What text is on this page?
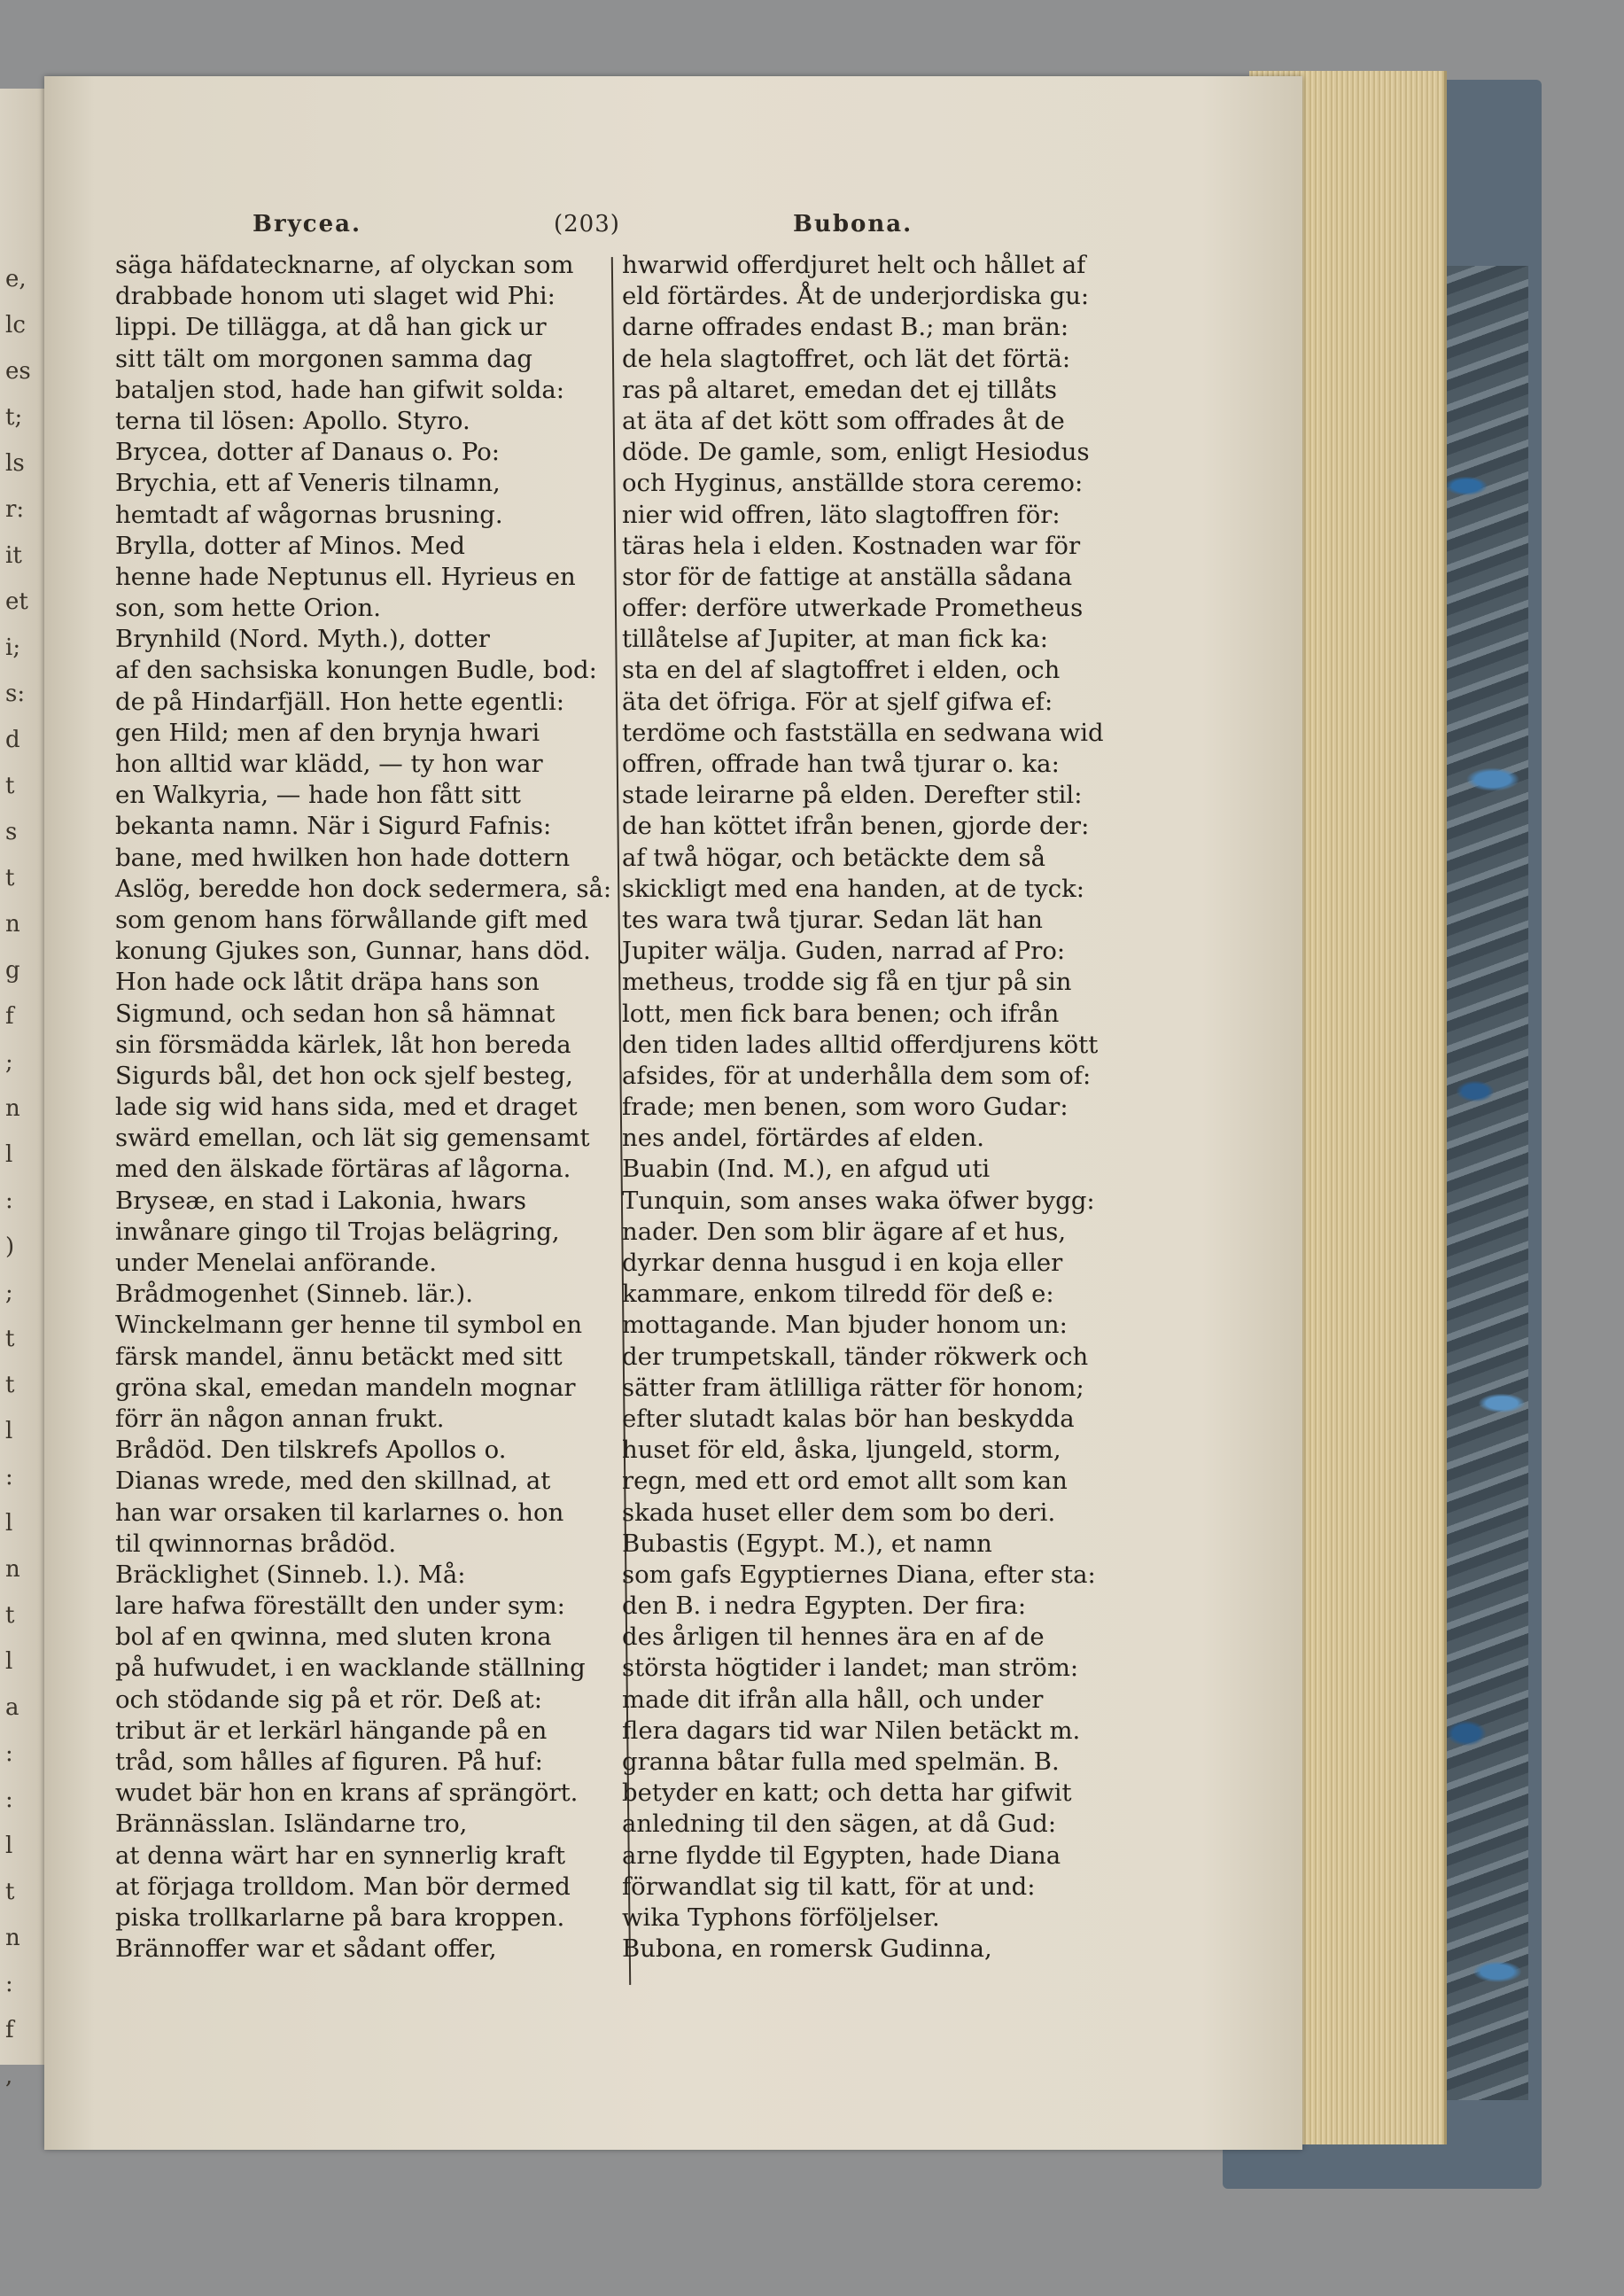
e,
lc
es
t;
ls
r:
it
et
i;
s:
d
t
s
t
n
g
f
;
n
l
:
)
;
t
t
l
:
l
n
t
l
a
:
:
l
t
n
:
f
,
Brycea.	(203)	Bubona.
säga häfdatecknarne, af olyckan som
drabbade honom uti slaget wid Phi:
lippi. De tillägga, at då han gick ur
sitt tält om morgonen samma dag
bataljen stod, hade han gifwit solda:
terna til lösen: Apollo. Styro.
Brycea, dotter af Danaus o. Po:
Brychia, ett af Veneris tilnamn,
hemtadt af wågornas brusning.
Brylla, dotter af Minos. Med
henne hade Neptunus ell. Hyrieus en
son, som hette Orion.
Brynhild (Nord. Myth.), dotter
af den sachsiska konungen Budle, bod:
de på Hindarfjäll. Hon hette egentli:
gen Hild; men af den brynja hwari
hon alltid war klädd, — ty hon war
en Walkyria, — hade hon fått sitt
bekanta namn. När i Sigurd Fafnis:
bane, med hwilken hon hade dottern
Aslög, beredde hon dock sedermera, så:
som genom hans förwållande gift med
konung Gjukes son, Gunnar, hans död.
Hon hade ock låtit dräpa hans son
Sigmund, och sedan hon så hämnat
sin försmädda kärlek, låt hon bereda
Sigurds bål, det hon ock sjelf besteg,
lade sig wid hans sida, med et draget
swärd emellan, och lät sig gemensamt
med den älskade förtäras af lågorna.
Bryseæ, en stad i Lakonia, hwars
inwånare gingo til Trojas belägring,
under Menelai anförande.
Brådmogenhet (Sinneb. lär.).
Winckelmann ger henne til symbol en
färsk mandel, ännu betäckt med sitt
gröna skal, emedan mandeln mognar
förr än någon annan frukt.
Brådöd. Den tilskrefs Apollos o.
Dianas wrede, med den skillnad, at
han war orsaken til karlarnes o. hon
til qwinnornas brådöd.
Bräcklighet (Sinneb. l.). Må:
lare hafwa föreställt den under sym:
bol af en qwinna, med sluten krona
på hufwudet, i en wacklande ställning
och stödande sig på et rör. Deß at:
tribut är et lerkärl hängande på en
tråd, som hålles af figuren. På huf:
wudet bär hon en krans af sprängört.
Brännässlan. Isländarne tro,
at denna wärt har en synnerlig kraft
at förjaga trolldom. Man bör dermed
piska trollkarlarne på bara kroppen.
Brännoffer war et sådant offer,
hwarwid offerdjuret helt och hållet af
eld förtärdes. Åt de underjordiska gu:
darne offrades endast B.; man brän:
de hela slagtoffret, och lät det förtä:
ras på altaret, emedan det ej tillåts
at äta af det kött som offrades åt de
döde. De gamle, som, enligt Hesiodus
och Hyginus, anställde stora ceremo:
nier wid offren, läto slagtoffren för:
täras hela i elden. Kostnaden war för
stor för de fattige at anställa sådana
offer: derföre utwerkade Prometheus
tillåtelse af Jupiter, at man fick ka:
sta en del af slagtoffret i elden, och
äta det öfriga. För at sjelf gifwa ef:
terdöme och fastställa en sedwana wid
offren, offrade han twå tjurar o. ka:
stade leirarne på elden. Derefter stil:
de han köttet ifrån benen, gjorde der:
af twå högar, och betäckte dem så
skickligt med ena handen, at de tyck:
tes wara twå tjurar. Sedan lät han
Jupiter wälja. Guden, narrad af Pro:
metheus, trodde sig få en tjur på sin
lott, men fick bara benen; och ifrån
den tiden lades alltid offerdjurens kött
afsides, för at underhålla dem som of:
frade; men benen, som woro Gudar:
nes andel, förtärdes af elden.
Buabin (Ind. M.), en afgud uti
Tunquin, som anses waka öfwer bygg:
nader. Den som blir ägare af et hus,
dyrkar denna husgud i en koja eller
kammare, enkom tilredd för deß e:
mottagande. Man bjuder honom un:
der trumpetskall, tänder rökwerk och
sätter fram ätlilliga rätter för honom;
efter slutadt kalas bör han beskydda
huset för eld, åska, ljungeld, storm,
regn, med ett ord emot allt som kan
skada huset eller dem som bo deri.
Bubastis (Egypt. M.), et namn
som gafs Egyptiernes Diana, efter sta:
den B. i nedra Egypten. Der fira:
des årligen til hennes ära en af de
största högtider i landet; man ström:
made dit ifrån alla håll, och under
flera dagars tid war Nilen betäckt m.
granna båtar fulla med spelmän. B.
betyder en katt; och detta har gifwit
anledning til den sägen, at då Gud:
arne flydde til Egypten, hade Diana
förwandlat sig til katt, för at und:
wika Typhons förföljelser.
Bubona, en romersk Gudinna,
